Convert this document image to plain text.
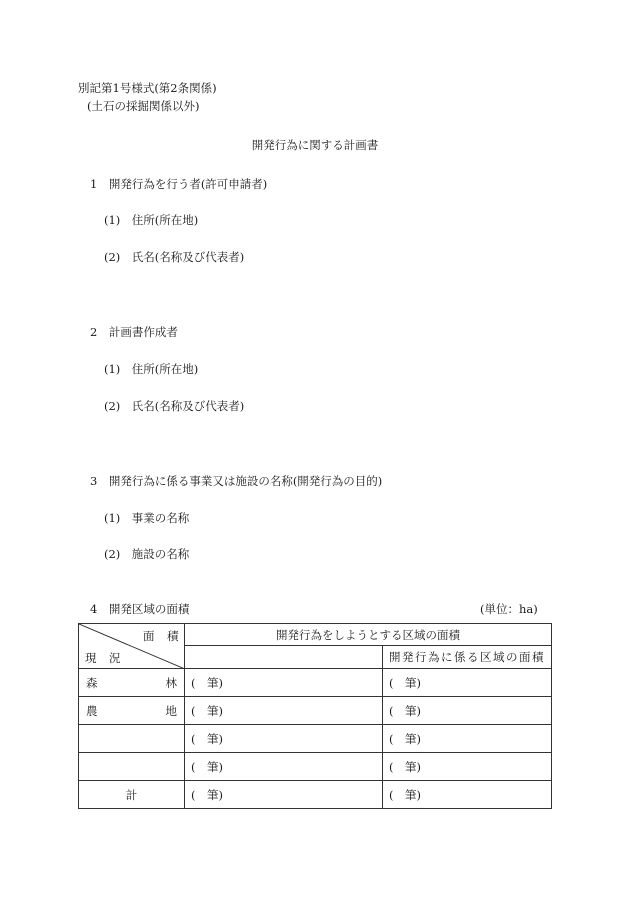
別記第1号様式(第2条関係)
(土石の採掘関係以外)
開発行為に関する計画書
1　開発行為を行う者(許可申請者)
(1)　住所(所在地)
(2)　氏名(名称及び代表者)
2　計画書作成者
(1)　住所(所在地)
(2)　氏名(名称及び代表者)
3　開発行為に係る事業又は施設の名称(開発行為の目的)
(1)　事業の名称
(2)　施設の名称
4　開発区域の面積	(単位：ha)
面 積
現 況	開発行為をしようとする区域の面積	
		開発行為に係る区域の面積

森 林	(　筆)	(　筆)

農 地	(　筆)	(　筆)

	(　筆)	(　筆)

	(　筆)	(　筆)
計	(　筆)	(　筆)
